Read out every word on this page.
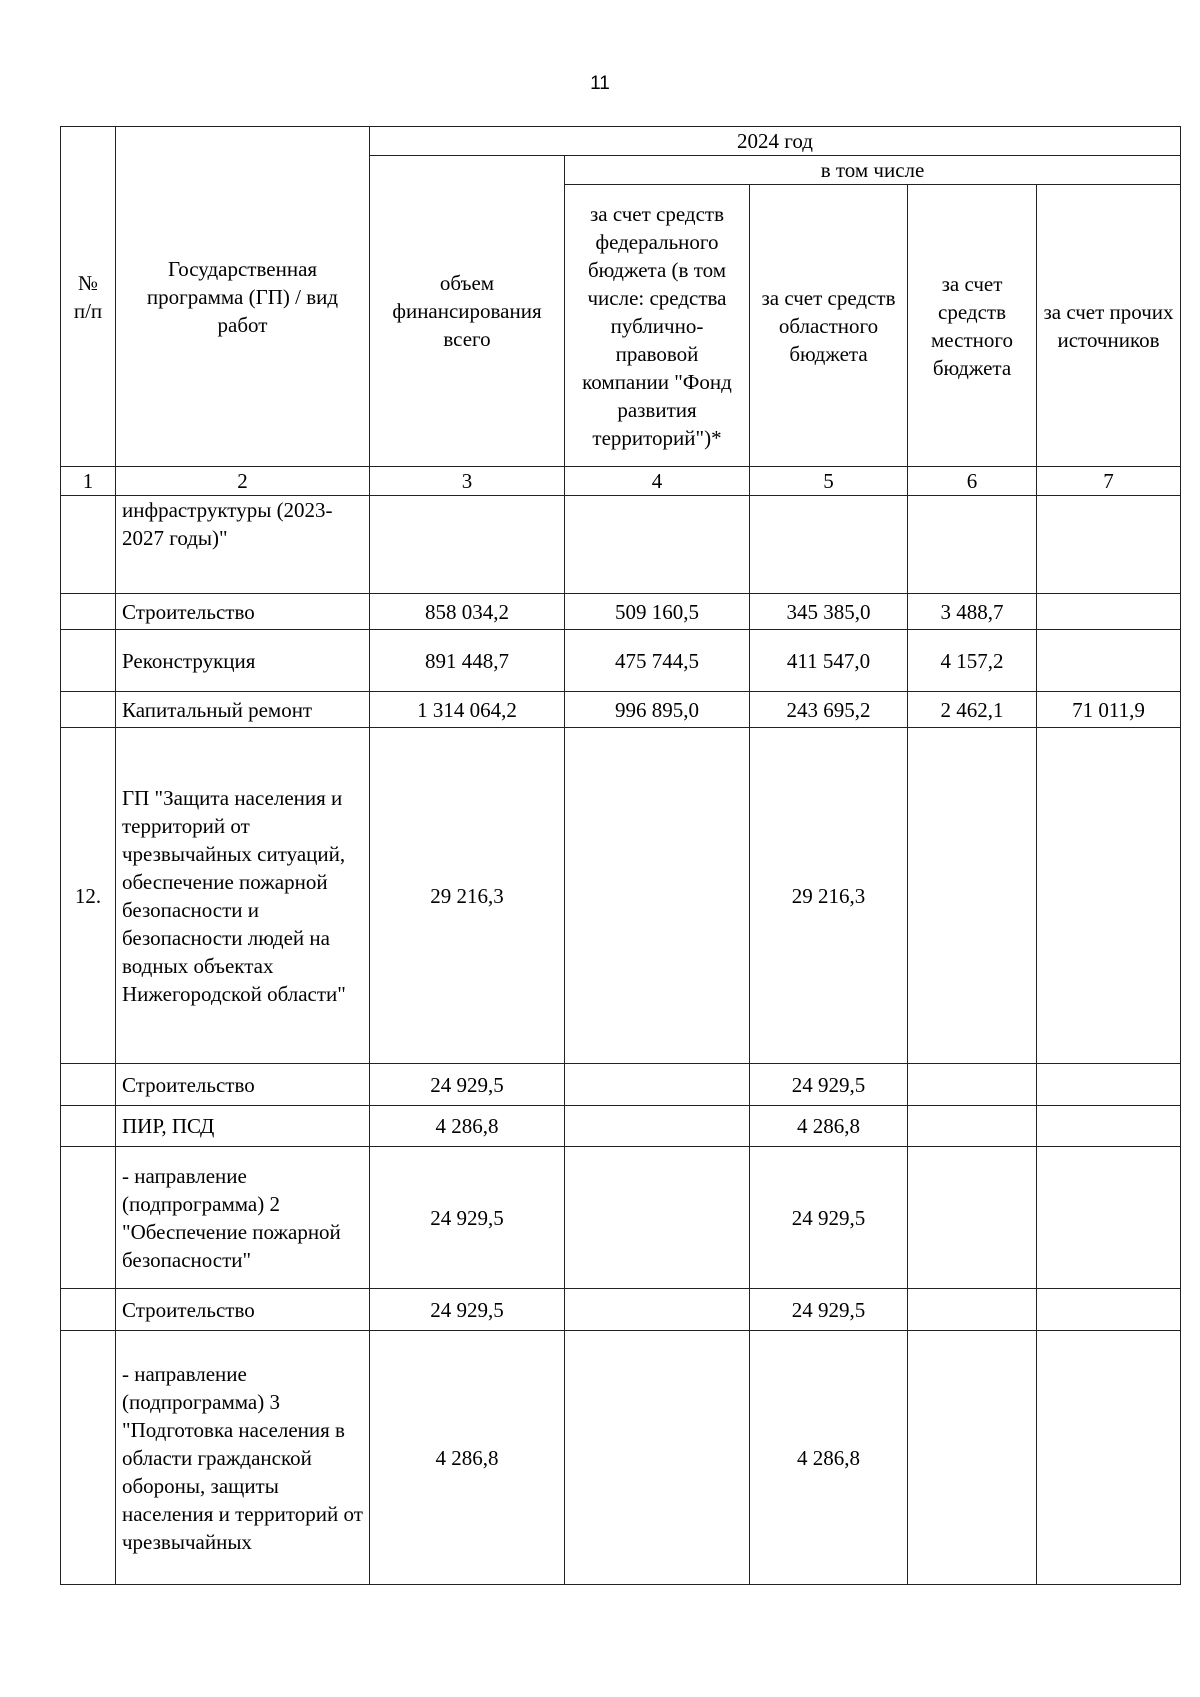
11
№ п/п	Государственная программа (ГП) / вид работ	2024 год				
		объем финансирования всего	в том числе			
			за счет средств федерального бюджета (в том числе: средства публично-правовой компании "Фонд развития территорий")*	за счет средств областного бюджета	за счет средств местного бюджета	за счет прочих источников
1	2	3	4	5	6	7
	инфраструктуры (2023-2027 годы)"					
	Строительство	858 034,2	509 160,5	345 385,0	3 488,7	
	Реконструкция	891 448,7	475 744,5	411 547,0	4 157,2	
	Капитальный ремонт	1 314 064,2	996 895,0	243 695,2	2 462,1	71 011,9
12.	ГП "Защита населения и территорий от чрезвычайных ситуаций, обеспечение пожарной безопасности и безопасности людей на водных объектах Нижегородской области"	29 216,3		29 216,3		
	Строительство	24 929,5		24 929,5		
	ПИР, ПСД	4 286,8		4 286,8		
	- направление (подпрограмма) 2 "Обеспечение пожарной безопасности"	24 929,5		24 929,5		
	Строительство	24 929,5		24 929,5		
	- направление (подпрограмма) 3 "Подготовка населения в области гражданской обороны, защиты населения и территорий от чрезвычайных	4 286,8		4 286,8		
